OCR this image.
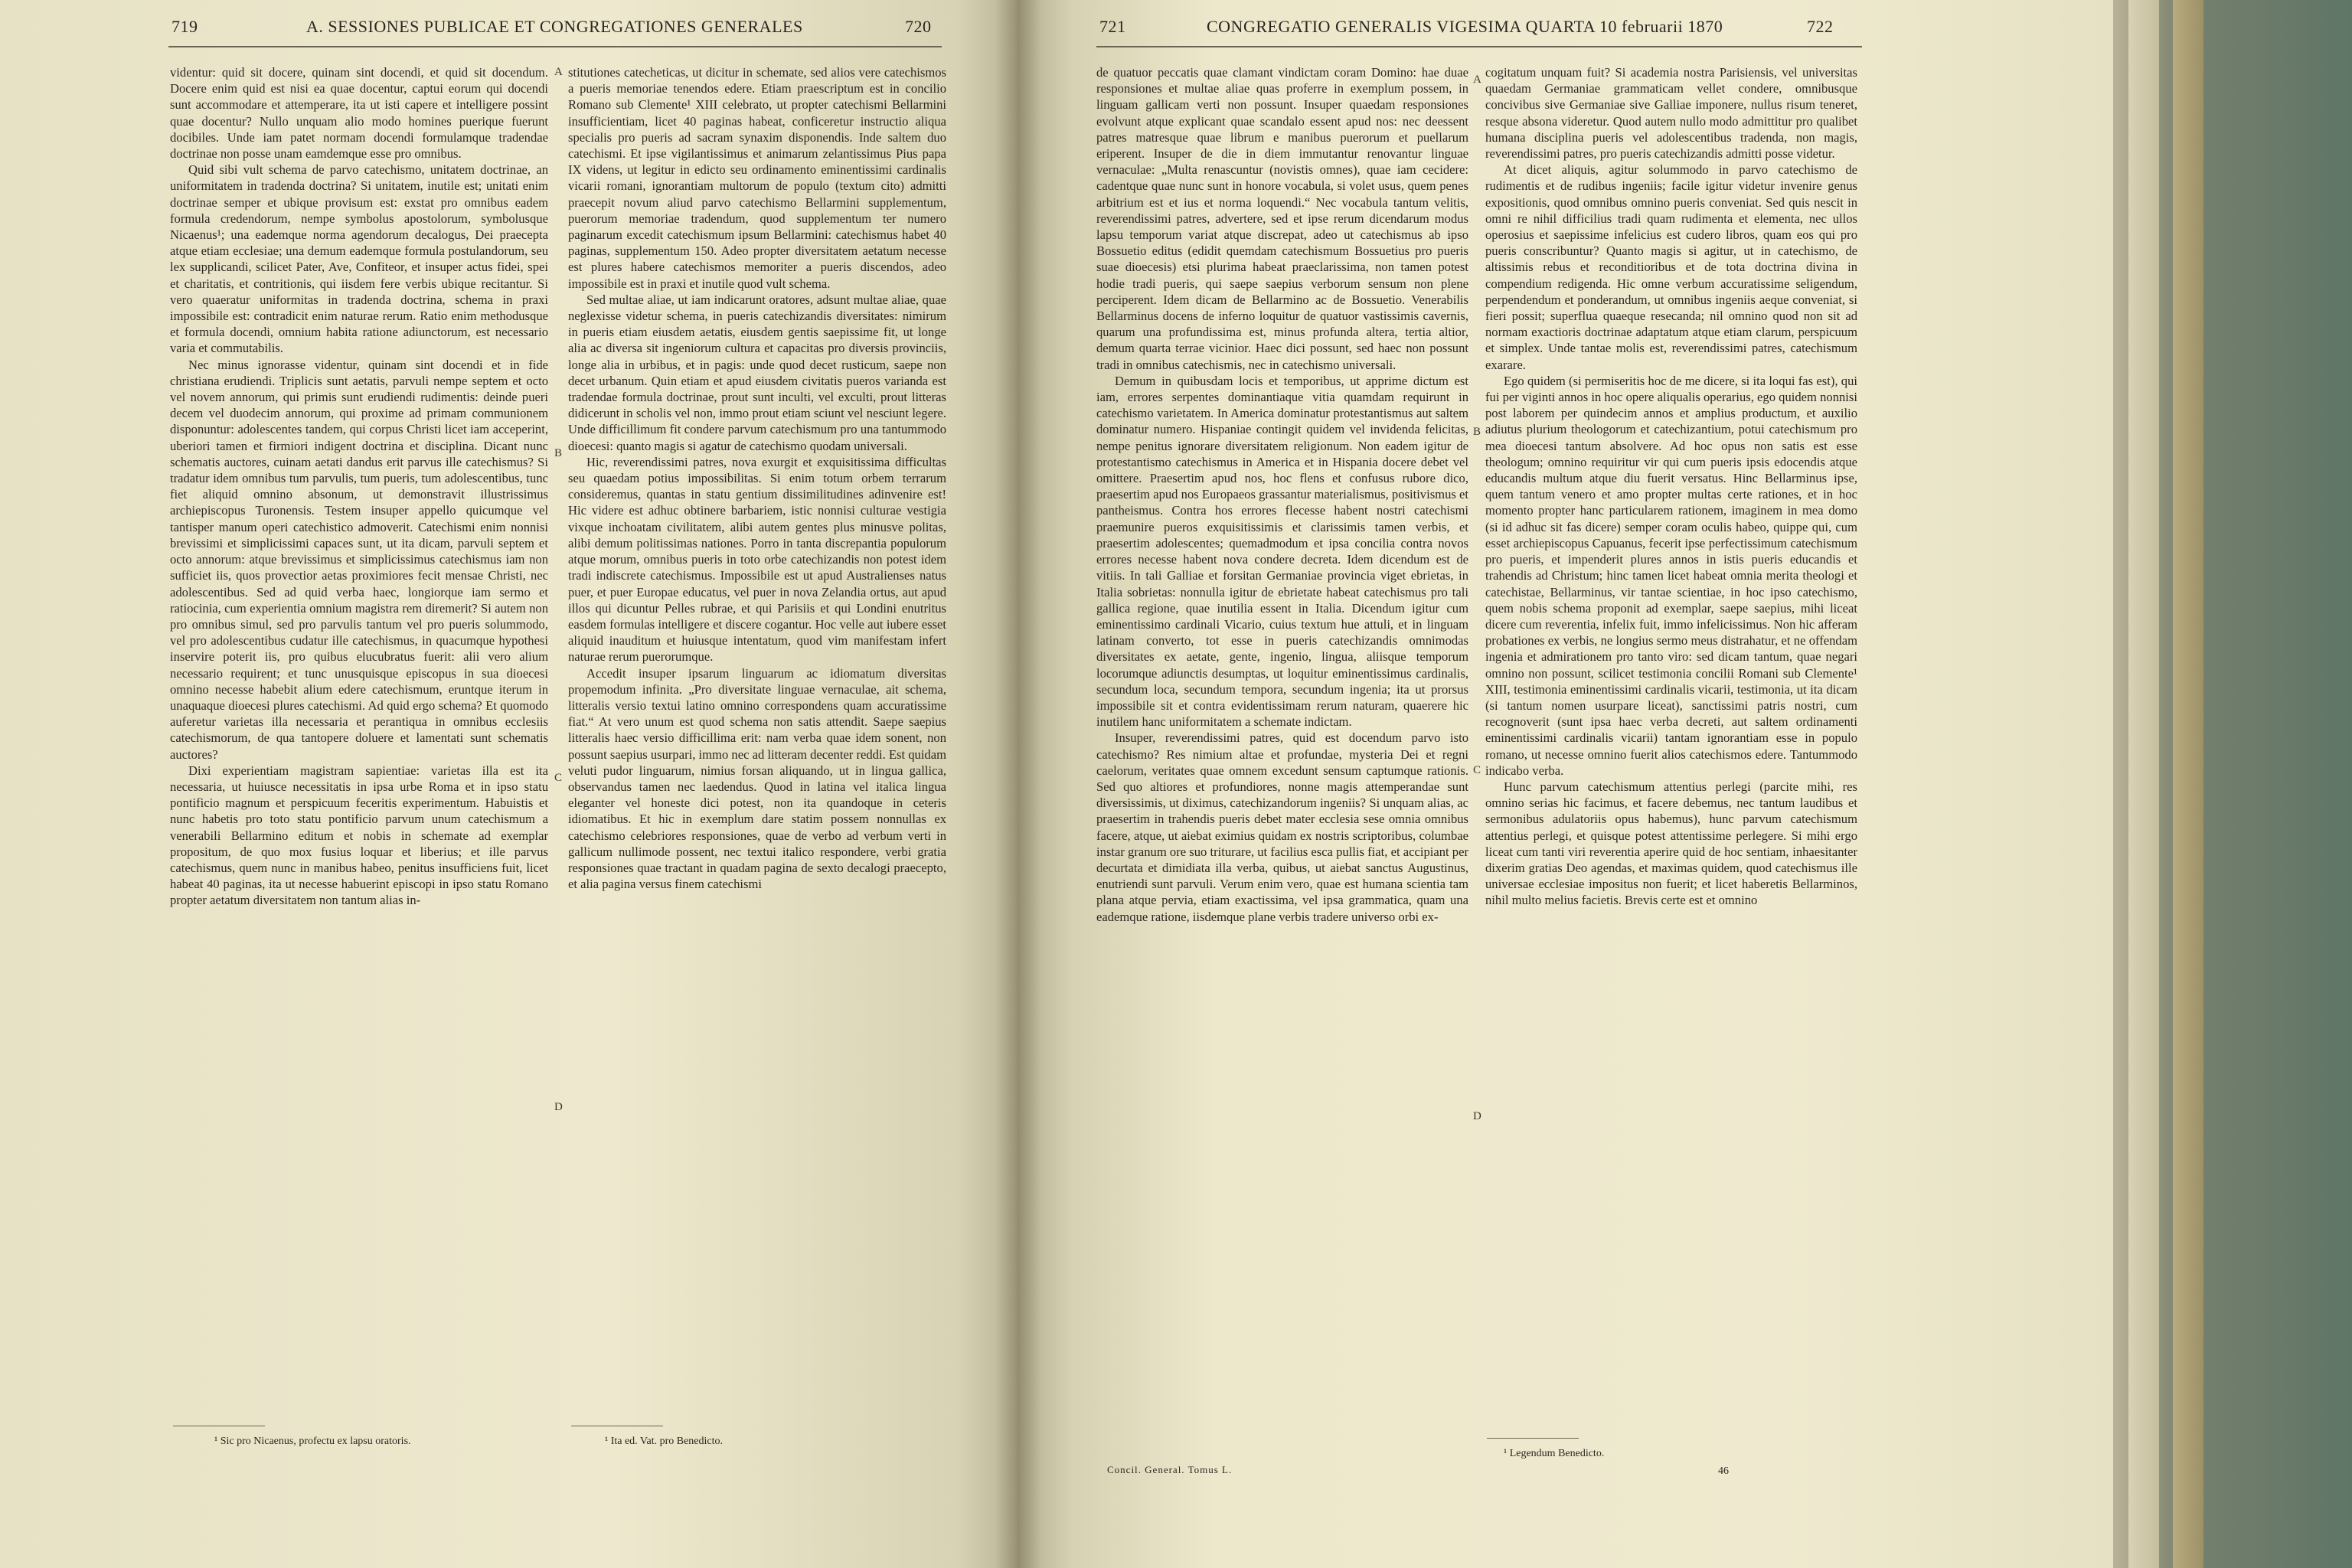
719	A. SESSIONES PUBLICAE ET CONGREGATIONES GENERALES	720

videntur: quid sit docere, quinam sint docendi, et quid sit docendum. Docere enim quid est nisi ea quae docentur, captui eorum qui docendi sunt accommodare et attemperare, ita ut isti capere et intelligere possint quae docentur? Nullo unquam alio modo homines puerique fuerunt docibiles. Unde iam patet normam docendi formulamque tradendae doctrinae non posse unam eamdemque esse pro omnibus.

Quid sibi vult schema de parvo catechismo, unitatem doctrinae, an uniformitatem in tradenda doctrina? Si unitatem, inutile est; unitati enim doctrinae semper et ubique provisum est: exstat pro omnibus eadem formula credendorum, nempe symbolus apostolorum, symbolusque Nicaenus¹; una eademque norma agendorum decalogus, Dei praecepta atque etiam ecclesiae; una demum eademque formula postulandorum, seu lex supplicandi, scilicet Pater, Ave, Confiteor, et insuper actus fidei, spei et charitatis, et contritionis, qui iisdem fere verbis ubique recitantur. Si vero quaeratur uniformitas in tradenda doctrina, schema in praxi impossibile est: contradicit enim naturae rerum. Ratio enim methodusque et formula docendi, omnium habita ratione adiunctorum, est necessario varia et commutabilis.

Nec minus ignorasse videntur, quinam sint docendi et in fide christiana erudiendi. Triplicis sunt aetatis, parvuli nempe septem et octo vel novem annorum, qui primis sunt erudiendi rudimentis: deinde pueri decem vel duodecim annorum, qui proxime ad primam communionem disponuntur: adolescentes tandem, qui corpus Christi licet iam acceperint, uberiori tamen et firmiori indigent doctrina et disciplina. Dicant nunc schematis auctores, cuinam aetati dandus erit parvus ille catechismus? Si tradatur idem omnibus tum parvulis, tum pueris, tum adolescentibus, tunc fiet aliquid omnino absonum, ut demonstravit illustrissimus archiepiscopus Turonensis. Testem insuper appello quicumque vel tantisper manum operi catechistico admoverit. Catechismi enim nonnisi brevissimi et simplicissimi capaces sunt, ut ita dicam, parvuli septem et octo annorum: atque brevissimus et simplicissimus catechismus iam non sufficiet iis, quos provectior aetas proximiores fecit mensae Christi, nec adolescentibus. Sed ad quid verba haec, longiorque iam sermo et ratiocinia, cum experientia omnium magistra rem diremerit? Si autem non pro omnibus simul, sed pro parvulis tantum vel pro pueris solummodo, vel pro adolescentibus cudatur ille catechismus, in quacumque hypothesi inservire poterit iis, pro quibus elucubratus fuerit: alii vero alium necessario requirent; et tunc unusquisque episcopus in sua dioecesi omnino necesse habebit alium edere catechismum, eruntque iterum in unaquaque dioecesi plures catechismi. Ad quid ergo schema? Et quomodo auferetur varietas illa necessaria et perantiqua in omnibus ecclesiis catechismorum, de qua tantopere doluere et lamentati sunt schematis auctores?

Dixi experientiam magistram sapientiae: varietas illa est ita necessaria, ut huiusce necessitatis in ipsa urbe Roma et in ipso statu pontificio magnum et perspicuum feceritis experimentum. Habuistis et nunc habetis pro toto statu pontificio parvum unum catechismum a venerabili Bellarmino editum et nobis in schemate ad exemplar propositum, de quo mox fusius loquar et liberius; et ille parvus catechismus, quem nunc in manibus habeo, penitus insufficiens fuit, licet habeat 40 paginas, ita ut necesse habuerint episcopi in ipso statu Romano propter aetatum diversitatem non tantum alias in-

stitutiones catecheticas, ut dicitur in schemate, sed alios vere catechismos a pueris memoriae tenendos edere. Etiam praescriptum est in concilio Romano sub Clemente¹ XIII celebrato, ut propter catechismi Bellarmini insufficientiam, licet 40 paginas habeat, conficeretur instructio aliqua specialis pro pueris ad sacram synaxim disponendis. Inde saltem duo catechismi. Et ipse vigilantissimus et animarum zelantissimus Pius papa IX videns, ut legitur in edicto seu ordinamento eminentissimi cardinalis vicarii romani, ignorantiam multorum de populo (textum cito) admitti praecepit novum aliud parvo catechismo Bellarmini supplementum, puerorum memoriae tradendum, quod supplementum ter numero paginarum excedit catechismum ipsum Bellarmini: catechismus habet 40 paginas, supplementum 150. Adeo propter diversitatem aetatum necesse est plures habere catechismos memoriter a pueris discendos, adeo impossibile est in praxi et inutile quod vult schema.

Sed multae aliae, ut iam indicarunt oratores, adsunt multae aliae, quae neglexisse videtur schema, in pueris catechizandis diversitates: nimirum in pueris etiam eiusdem aetatis, eiusdem gentis saepissime fit, ut longe alia ac diversa sit ingeniorum cultura et capacitas pro diversis provinciis, longe alia in urbibus, et in pagis: unde quod decet rusticum, saepe non decet urbanum. Quin etiam et apud eiusdem civitatis pueros varianda est tradendae formula doctrinae, prout sunt inculti, vel exculti, prout litteras didicerunt in scholis vel non, immo prout etiam sciunt vel nesciunt legere. Unde difficillimum fit condere parvum catechismum pro una tantummodo dioecesi: quanto magis si agatur de catechismo quodam universali.

Hic, reverendissimi patres, nova exurgit et exquisitissima difficultas seu quaedam potius impossibilitas. Si enim totum orbem terrarum consideremus, quantas in statu gentium dissimilitudines adinvenire est! Hic videre est adhuc obtinere barbariem, istic nonnisi culturae vestigia vixque inchoatam civilitatem, alibi autem gentes plus minusve politas, alibi demum politissimas nationes. Porro in tanta discrepantia populorum atque morum, omnibus pueris in toto orbe catechizandis non potest idem tradi indiscrete catechismus. Impossibile est ut apud Australienses natus puer, et puer Europae educatus, vel puer in nova Zelandia ortus, aut apud illos qui dicuntur Pelles rubrae, et qui Parisiis et qui Londini enutritus easdem formulas intelligere et discere cogantur. Hoc velle aut iubere esset aliquid inauditum et huiusque intentatum, quod vim manifestam infert naturae rerum puerorumque.

Accedit insuper ipsarum linguarum ac idiomatum diversitas propemodum infinita. „Pro diversitate linguae vernaculae, ait schema, litteralis versio textui latino omnino correspondens quam accuratissime fiat.“ At vero unum est quod schema non satis attendit. Saepe saepius litteralis haec versio difficillima erit: nam verba quae idem sonent, non possunt saepius usurpari, immo nec ad litteram decenter reddi. Est quidam veluti pudor linguarum, nimius forsan aliquando, ut in lingua gallica, observandus tamen nec laedendus. Quod in latina vel italica lingua eleganter vel honeste dici potest, non ita quandoque in ceteris idiomatibus. Et hic in exemplum dare statim possem nonnullas ex catechismo celebriores responsiones, quae de verbo ad verbum verti in gallicum nullimode possent, nec textui italico respondere, verbi gratia responsiones quae tractant in quadam pagina de sexto decalogi praecepto, et alia pagina versus finem catechismi

A
B
C
D
¹ Sic pro Nicaenus, profectu ex lapsu oratoris.	¹ Ita ed. Vat. pro Benedicto.
721	CONGREGATIO GENERALIS VIGESIMA QUARTA 10 februarii 1870	722

de quatuor peccatis quae clamant vindictam coram Domino: hae duae responsiones et multae aliae quas proferre in exemplum possem, in linguam gallicam verti non possunt. Insuper quaedam responsiones evolvunt atque explicant quae scandalo essent apud nos: nec deessent patres matresque quae librum e manibus puerorum et puellarum eriperent. Insuper de die in diem immutantur renovantur linguae vernaculae: „Multa renascuntur (novistis omnes), quae iam cecidere: cadentque quae nunc sunt in honore vocabula, si volet usus, quem penes arbitrium est et ius et norma loquendi.“ Nec vocabula tantum velitis, reverendissimi patres, advertere, sed et ipse rerum dicendarum modus lapsu temporum variat atque discrepat, adeo ut catechismus ab ipso Bossuetio editus (edidit quemdam catechismum Bossuetius pro pueris suae dioecesis) etsi plurima habeat praeclarissima, non tamen potest hodie tradi pueris, qui saepe saepius verborum sensum non plene perciperent. Idem dicam de Bellarmino ac de Bossuetio. Venerabilis Bellarminus docens de inferno loquitur de quatuor vastissimis cavernis, quarum una profundissima est, minus profunda altera, tertia altior, demum quarta terrae vicinior. Haec dici possunt, sed haec non possunt tradi in omnibus catechismis, nec in catechismo universali.

Demum in quibusdam locis et temporibus, ut apprime dictum est iam, errores serpentes dominantiaque vitia quamdam requirunt in catechismo varietatem. In America dominatur protestantismus aut saltem dominatur numero. Hispaniae contingit quidem vel invidenda felicitas, nempe penitus ignorare diversitatem religionum. Non eadem igitur de protestantismo catechismus in America et in Hispania docere debet vel omittere. Praesertim apud nos, hoc flens et confusus rubore dico, praesertim apud nos Europaeos grassantur materialismus, positivismus et pantheismus. Contra hos errores flecesse habent nostri catechismi praemunire pueros exquisitissimis et clarissimis tamen verbis, et praesertim adolescentes; quemadmodum et ipsa concilia contra novos errores necesse habent nova condere decreta. Idem dicendum est de vitiis. In tali Galliae et forsitan Germaniae provincia viget ebrietas, in Italia sobrietas: nonnulla igitur de ebrietate habeat catechismus pro tali gallica regione, quae inutilia essent in Italia. Dicendum igitur cum eminentissimo cardinali Vicario, cuius textum hue attuli, et in linguam latinam converto, tot esse in pueris catechizandis omnimodas diversitates ex aetate, gente, ingenio, lingua, aliisque temporum locorumque adiunctis desumptas, ut loquitur eminentissimus cardinalis, secundum loca, secundum tempora, secundum ingenia; ita ut prorsus impossibile sit et contra evidentissimam rerum naturam, quaerere hic inutilem hanc uniformitatem a schemate indictam.

Insuper, reverendissimi patres, quid est docendum parvo isto catechismo? Res nimium altae et profundae, mysteria Dei et regni caelorum, veritates quae omnem excedunt sensum captumque rationis. Sed quo altiores et profundiores, nonne magis attemperandae sunt diversissimis, ut diximus, catechizandorum ingeniis? Si unquam alias, ac praesertim in trahendis pueris debet mater ecclesia sese omnia omnibus facere, atque, ut aiebat eximius quidam ex nostris scriptoribus, columbae instar granum ore suo triturare, ut facilius esca pullis fiat, et accipiant per decurtata et dimidiata illa verba, quibus, ut aiebat sanctus Augustinus, enutriendi sunt parvuli. Verum enim vero, quae est humana scientia tam plana atque pervia, etiam exactissima, vel ipsa grammatica, quam una eademque ratione, iisdemque plane verbis tradere universo orbi ex-

cogitatum unquam fuit? Si academia nostra Parisiensis, vel universitas quaedam Germaniae grammaticam vellet condere, omnibusque concivibus sive Germaniae sive Galliae imponere, nullus risum teneret, resque absona videretur. Quod autem nullo modo admittitur pro qualibet humana disciplina pueris vel adolescentibus tradenda, non magis, reverendissimi patres, pro pueris catechizandis admitti posse videtur.

At dicet aliquis, agitur solummodo in parvo catechismo de rudimentis et de rudibus ingeniis; facile igitur videtur invenire genus expositionis, quod omnibus omnino pueris conveniat. Sed quis nescit in omni re nihil difficilius tradi quam rudimenta et elementa, nec ullos operosius et saepissime infelicius est cudero libros, quam eos qui pro pueris conscribuntur? Quanto magis si agitur, ut in catechismo, de altissimis rebus et reconditioribus et de tota doctrina divina in compendium redigenda. Hic omne verbum accuratissime seligendum, perpendendum et ponderandum, ut omnibus ingeniis aeque conveniat, si fieri possit; superflua quaeque resecanda; nil omnino quod non sit ad normam exactioris doctrinae adaptatum atque etiam clarum, perspicuum et simplex. Unde tantae molis est, reverendissimi patres, catechismum exarare.

Ego quidem (si permiseritis hoc de me dicere, si ita loqui fas est), qui fui per viginti annos in hoc opere aliqualis operarius, ego quidem nonnisi post laborem per quindecim annos et amplius productum, et auxilio adiutus plurium theologorum et catechizantium, potui catechismum pro mea dioecesi tantum absolvere. Ad hoc opus non satis est esse theologum; omnino requiritur vir qui cum pueris ipsis edocendis atque educandis multum atque diu fuerit versatus. Hinc Bellarminus ipse, quem tantum venero et amo propter multas certe rationes, et in hoc momento propter hanc particularem rationem, imaginem in mea domo (si id adhuc sit fas dicere) semper coram oculis habeo, quippe qui, cum esset archiepiscopus Capuanus, fecerit ipse perfectissimum catechismum pro pueris, et impenderit plures annos in istis pueris educandis et trahendis ad Christum; hinc tamen licet habeat omnia merita theologi et catechistae, Bellarminus, vir tantae scientiae, in hoc ipso catechismo, quem nobis schema proponit ad exemplar, saepe saepius, mihi liceat dicere cum reverentia, infelix fuit, immo infelicissimus. Non hic afferam probationes ex verbis, ne longius sermo meus distrahatur, et ne offendam ingenia et admirationem pro tanto viro: sed dicam tantum, quae negari omnino non possunt, scilicet testimonia concilii Romani sub Clemente¹ XIII, testimonia eminentissimi cardinalis vicarii, testimonia, ut ita dicam (si tantum nomen usurpare liceat), sanctissimi patris nostri, cum recognoverit (sunt ipsa haec verba decreti, aut saltem ordinamenti eminentissimi cardinalis vicarii) tantam ignorantiam esse in populo romano, ut necesse omnino fuerit alios catechismos edere. Tantummodo indicabo verba.

Hunc parvum catechismum attentius perlegi (parcite mihi, res omnino serias hic facimus, et facere debemus, nec tantum laudibus et sermonibus adulatoriis opus habemus), hunc parvum catechismum attentius perlegi, et quisque potest attentissime perlegere. Si mihi ergo liceat cum tanti viri reverentia aperire quid de hoc sentiam, inhaesitanter dixerim gratias Deo agendas, et maximas quidem, quod catechismus ille universae ecclesiae impositus non fuerit; et licet haberetis Bellarminos, nihil multo melius facietis. Brevis certe est et omnino

A
B
C
D
Concil. General. Tomus L.
¹ Legendum Benedicto.
46
